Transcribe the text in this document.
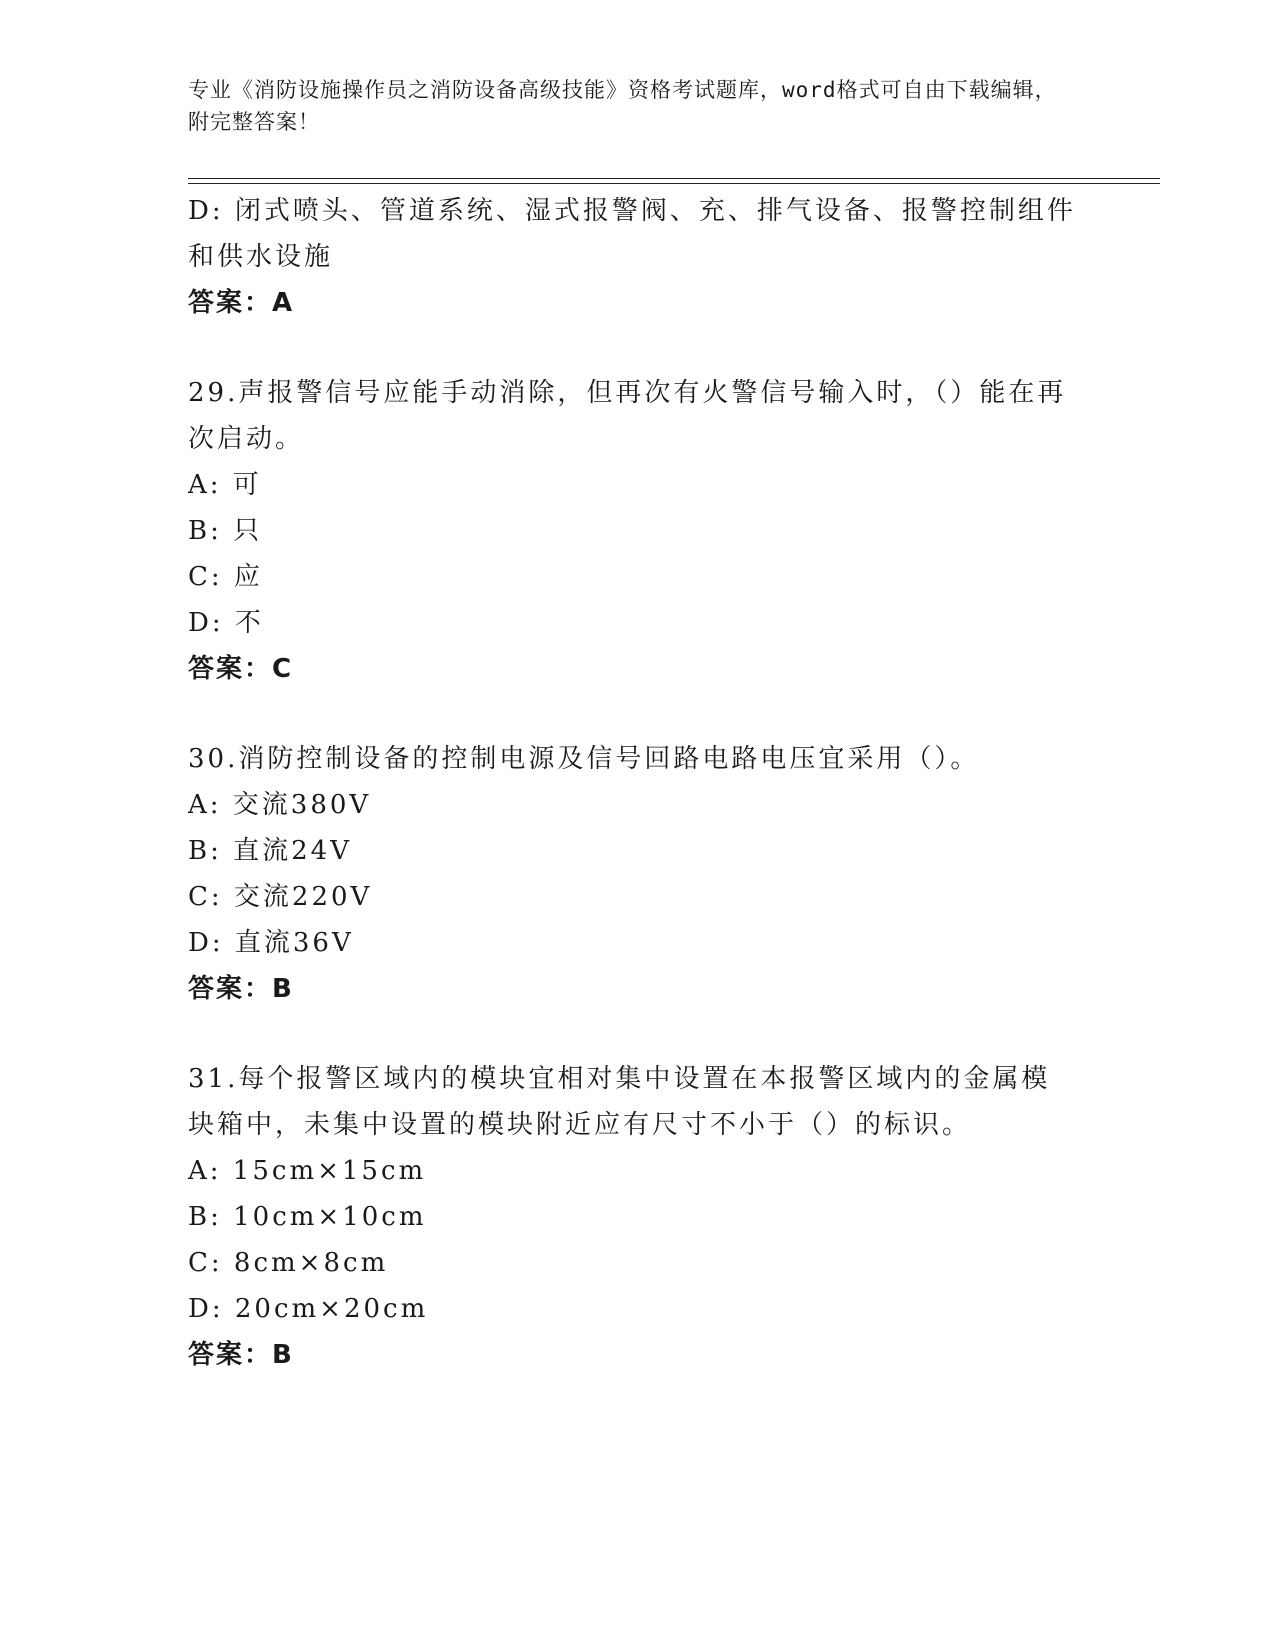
专业《消防设施操作员之消防设备高级技能》资格考试题库，word格式可自由下载编辑，附完整答案！
D: 闭式喷头、管道系统、湿式报警阀、充、排气设备、报警控制组件和供水设施
答案：A
29.声报警信号应能手动消除，但再次有火警信号输入时，（）能在再次启动。
A: 可
B: 只
C: 应
D: 不
答案：C
30.消防控制设备的控制电源及信号回路电路电压宜采用（）。
A: 交流380V
B: 直流24V
C: 交流220V
D: 直流36V
答案：B
31.每个报警区域内的模块宜相对集中设置在本报警区域内的金属模块箱中，未集中设置的模块附近应有尺寸不小于（）的标识。
A: 15cm×15cm
B: 10cm×10cm
C: 8cm×8cm
D: 20cm×20cm
答案：B
